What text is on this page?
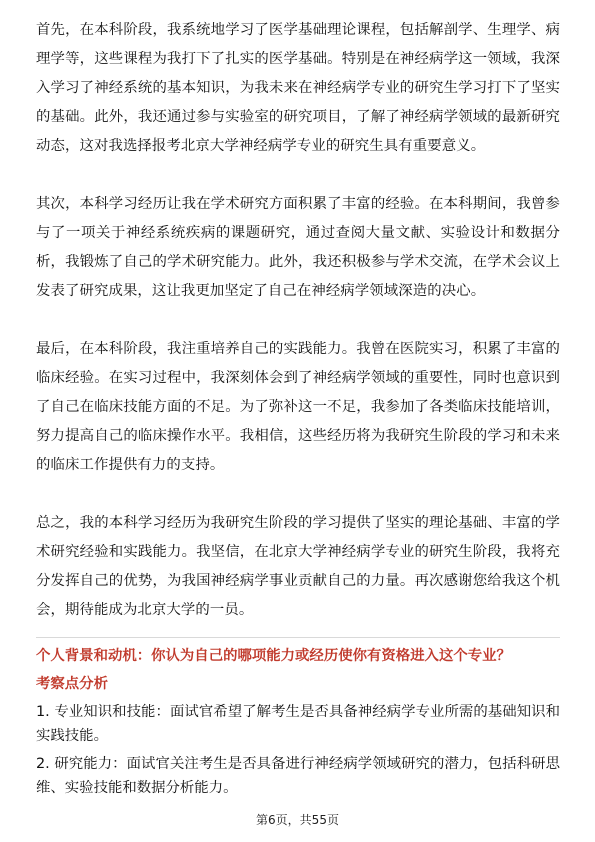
首先，在本科阶段，我系统地学习了医学基础理论课程，包括解剖学、生理学、病理学等，这些课程为我打下了扎实的医学基础。特别是在神经病学这一领域，我深入学习了神经系统的基本知识，为我未来在神经病学专业的研究生学习打下了坚实的基础。此外，我还通过参与实验室的研究项目，了解了神经病学领域的最新研究动态，这对我选择报考北京大学神经病学专业的研究生具有重要意义。

其次，本科学习经历让我在学术研究方面积累了丰富的经验。在本科期间，我曾参与了一项关于神经系统疾病的课题研究，通过查阅大量文献、实验设计和数据分析，我锻炼了自己的学术研究能力。此外，我还积极参与学术交流，在学术会议上发表了研究成果，这让我更加坚定了自己在神经病学领域深造的决心。

最后，在本科阶段，我注重培养自己的实践能力。我曾在医院实习，积累了丰富的临床经验。在实习过程中，我深刻体会到了神经病学领域的重要性，同时也意识到了自己在临床技能方面的不足。为了弥补这一不足，我参加了各类临床技能培训，努力提高自己的临床操作水平。我相信，这些经历将为我研究生阶段的学习和未来的临床工作提供有力的支持。

总之，我的本科学习经历为我研究生阶段的学习提供了坚实的理论基础、丰富的学术研究经验和实践能力。我坚信，在北京大学神经病学专业的研究生阶段，我将充分发挥自己的优势，为我国神经病学事业贡献自己的力量。再次感谢您给我这个机会，期待能成为北京大学的一员。

个人背景和动机：你认为自己的哪项能力或经历使你有资格进入这个专业？

考察点分析

1. 专业知识和技能：面试官希望了解考生是否具备神经病学专业所需的基础知识和实践技能。

2. 研究能力：面试官关注考生是否具备进行神经病学领域研究的潜力，包括科研思维、实验技能和数据分析能力。

第6页，共55页
